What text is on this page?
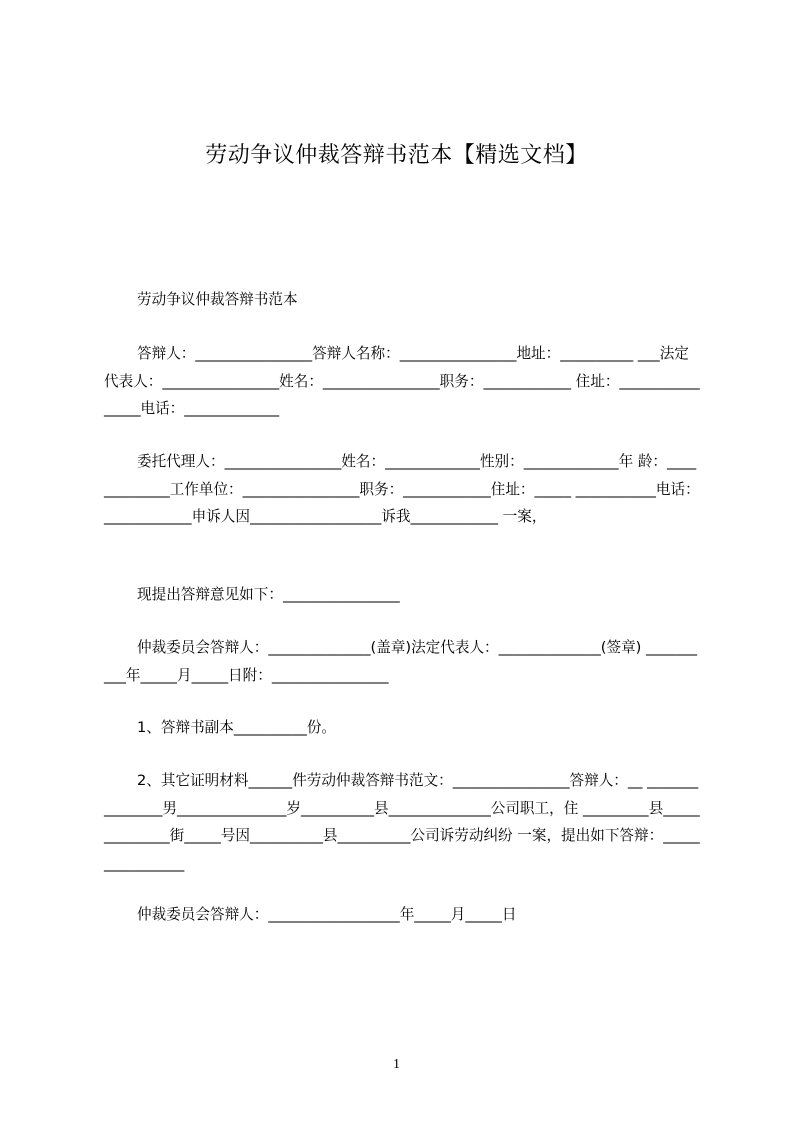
劳动争议仲裁答辩书范本【精选文档】

劳动争议仲裁答辩书范本

答辩人：________________答辩人名称：________________地址：__________ ___法定代表人：________________姓名：________________职务：____________ 住址：________________电话：_____________

委托代理人：________________姓名：_____________性别：_____________年 龄：_____________工作单位：________________职务：____________住址：_____ ___________电话：____________申诉人因__________________诉我____________ 一案，

现提出答辩意见如下：________________

仲裁委员会答辩人：______________(盖章)法定代表人：______________(签章) __________年_____月_____日附：________________

1、答辩书副本__________份。

2、其它证明材料______件劳动仲裁答辩书范文：________________答辩人：__ _______________男_______________岁__________县______________公司职工，住 _________县______________街_____号因__________县__________公司诉劳动纠纷 一案，提出如下答辩：________________

仲裁委员会答辩人：__________________年_____月_____日

1
